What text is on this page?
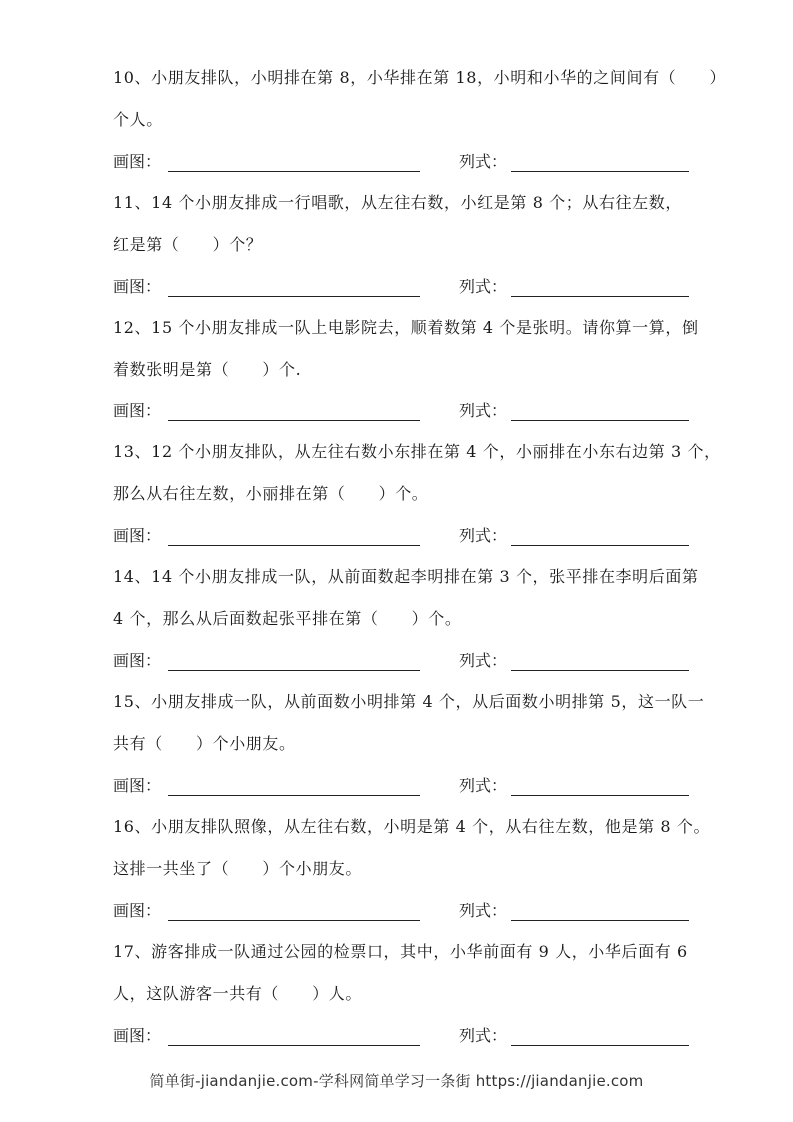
10、小朋友排队，小明排在第 8，小华排在第 18，小明和小华的之间间有（　　）
个人。
画图：	列式：
11、14 个小朋友排成一行唱歌，从左往右数，小红是第 8 个；从右往左数，
红是第（　　）个？
画图：	列式：
12、15 个小朋友排成一队上电影院去，顺着数第 4 个是张明。请你算一算，倒
着数张明是第（　　）个.
画图：	列式：
13、12 个小朋友排队，从左往右数小东排在第 4 个，小丽排在小东右边第 3 个，
那么从右往左数，小丽排在第（　　）个。
画图：	列式：
14、14 个小朋友排成一队，从前面数起李明排在第 3 个，张平排在李明后面第
4 个，那么从后面数起张平排在第（　　）个。
画图：	列式：
15、小朋友排成一队，从前面数小明排第 4 个，从后面数小明排第 5，这一队一
共有（　　）个小朋友。
画图：	列式：
16、小朋友排队照像，从左往右数，小明是第 4 个，从右往左数，他是第 8 个。
这排一共坐了（　　）个小朋友。
画图：	列式：
17、游客排成一队通过公园的检票口，其中，小华前面有 9 人，小华后面有 6
人，这队游客一共有（　　）人。
画图：	列式：
简单街-jiandanjie.com-学科网简单学习一条街 https://jiandanjie.com
